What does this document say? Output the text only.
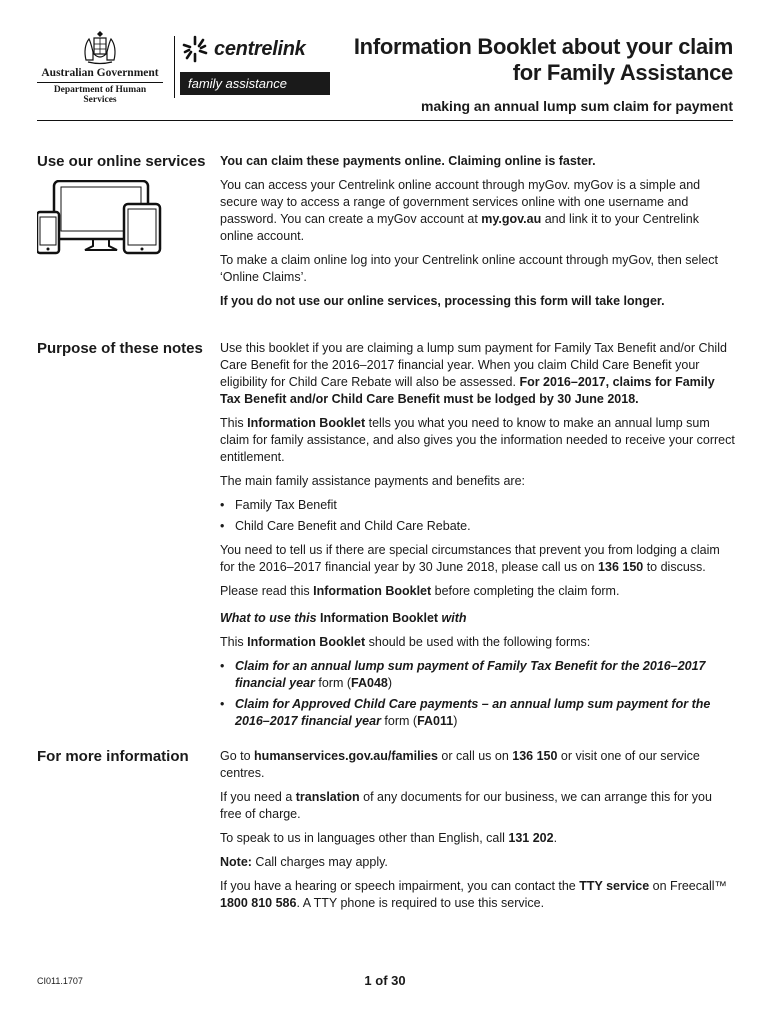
Australian Government
Department of Human Services
centrelink
family assistance
Information Booklet about your claim
for Family Assistance
making an annual lump sum claim for payment
Use our online services You can claim these payments online. Claiming online is faster.

You can access your Centrelink online account through myGov. myGov is a simple and secure way to access a range of government services online with one username and password. You can create a myGov account at my.gov.au and link it to your Centrelink online account.

To make a claim online log into your Centrelink online account through myGov, then select ‘Online Claims’.

If you do not use our online services, processing this form will take longer.

Purpose of these notes Use this booklet if you are claiming a lump sum payment for Family Tax Benefit and/or Child Care Benefit for the 2016–2017 financial year. When you claim Child Care Benefit your eligibility for Child Care Rebate will also be assessed. For 2016–2017, claims for Family Tax Benefit and/or Child Care Benefit must be lodged by 30 June 2018.

This Information Booklet tells you what you need to know to make an annual lump sum claim for family assistance, and also gives you the information needed to receive your correct entitlement.

The main family assistance payments and benefits are:

• Family Tax Benefit
• Child Care Benefit and Child Care Rebate.

You need to tell us if there are special circumstances that prevent you from lodging a claim for the 2016–2017 financial year by 30 June 2018, please call us on 136 150 to discuss.

Please read this Information Booklet before completing the claim form.

What to use this Information Booklet with

This Information Booklet should be used with the following forms:

• Claim for an annual lump sum payment of Family Tax Benefit for the 2016–2017 financial year form (FA048)
• Claim for Approved Child Care payments – an annual lump sum payment for the 2016–2017 financial year form (FA011)
For more information	Go to humanservices.gov.au/families or call us on 136 150 or visit one of our service centres.

If you need a translation of any documents for our business, we can arrange this for you free of charge.

To speak to us in languages other than English, call 131 202.

Note: Call charges may apply.

If you have a hearing or speech impairment, you can contact the TTY service on Freecall™ 1800 810 586. A TTY phone is required to use this service.

CI011.1707	1 of 30
